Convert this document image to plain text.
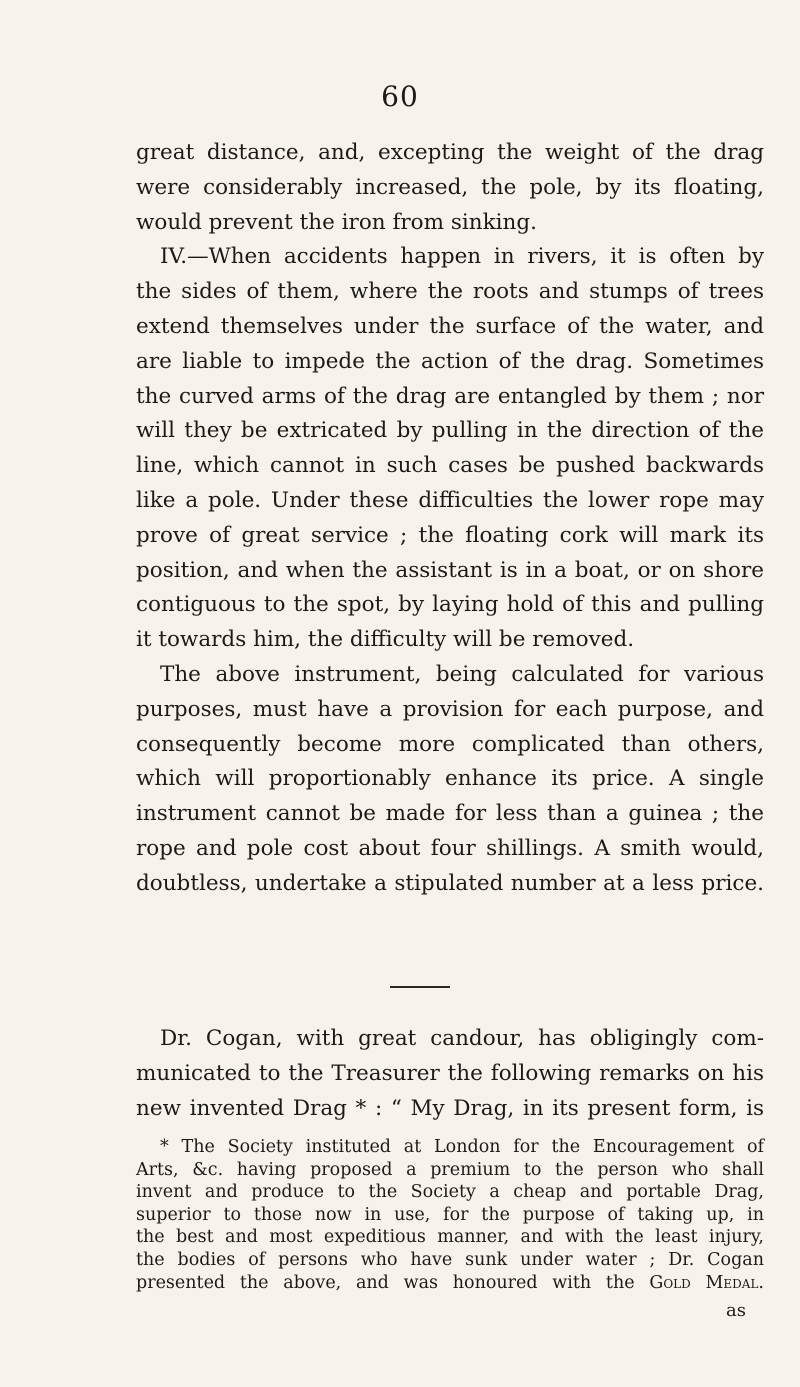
60
great distance, and, excepting the weight of the drag
were considerably increased, the pole, by its floating,
would prevent the iron from sinking.
IV.—When accidents happen in rivers, it is often by
the sides of them, where the roots and stumps of trees
extend themselves under the surface of the water, and
are liable to impede the action of the drag. Sometimes
the curved arms of the drag are entangled by them ; nor
will they be extricated by pulling in the direction of the
line, which cannot in such cases be pushed backwards
like a pole. Under these difficulties the lower rope may
prove of great service ; the floating cork will mark its
position, and when the assistant is in a boat, or on shore
contiguous to the spot, by laying hold of this and pulling
it towards him, the difficulty will be removed.
The above instrument, being calculated for various
purposes, must have a provision for each purpose, and
consequently become more complicated than others,
which will proportionably enhance its price. A single
instrument cannot be made for less than a guinea ; the
rope and pole cost about four shillings. A smith would,
doubtless, undertake a stipulated number at a less price.
Dr. Cogan, with great candour, has obligingly com-
municated to the Treasurer the following remarks on his
new invented Drag * : “ My Drag, in its present form, is
* The Society instituted at London for the Encouragement of
Arts, &c. having proposed a premium to the person who shall
invent and produce to the Society a cheap and portable Drag,
superior to those now in use, for the purpose of taking up, in
the best and most expeditious manner, and with the least injury,
the bodies of persons who have sunk under water ; Dr. Cogan
presented the above, and was honoured with the Gold Medal.
as
